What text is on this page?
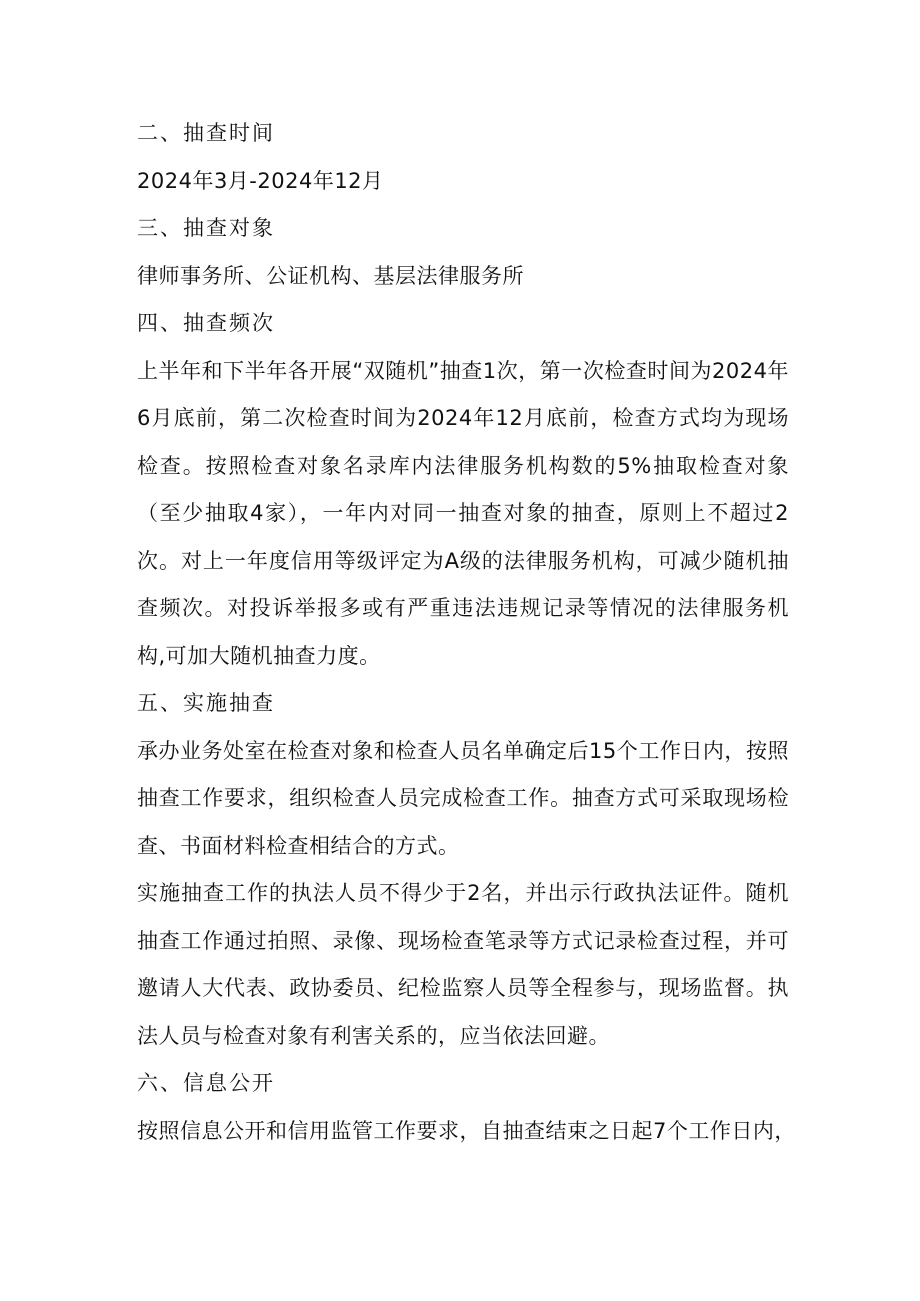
二、抽查时间

2024年3月-2024年12月

三、抽查对象

律师事务所、公证机构、基层法律服务所

四、抽查频次

上半年和下半年各开展“双随机”抽查1次，第一次检查时间为2024年6月底前，第二次检查时间为2024年12月底前，检查方式均为现场检查。按照检查对象名录库内法律服务机构数的5%抽取检查对象（至少抽取4家），一年内对同一抽查对象的抽查，原则上不超过2次。对上一年度信用等级评定为A级的法律服务机构，可减少随机抽查频次。对投诉举报多或有严重违法违规记录等情况的法律服务机构,可加大随机抽查力度。

五、实施抽查

承办业务处室在检查对象和检查人员名单确定后15个工作日内，按照抽查工作要求，组织检查人员完成检查工作。抽查方式可采取现场检查、书面材料检查相结合的方式。

实施抽查工作的执法人员不得少于2名，并出示行政执法证件。随机抽查工作通过拍照、录像、现场检查笔录等方式记录检查过程，并可邀请人大代表、政协委员、纪检监察人员等全程参与，现场监督。执法人员与检查对象有利害关系的，应当依法回避。

六、信息公开

按照信息公开和信用监管工作要求，自抽查结束之日起7个工作日内，
